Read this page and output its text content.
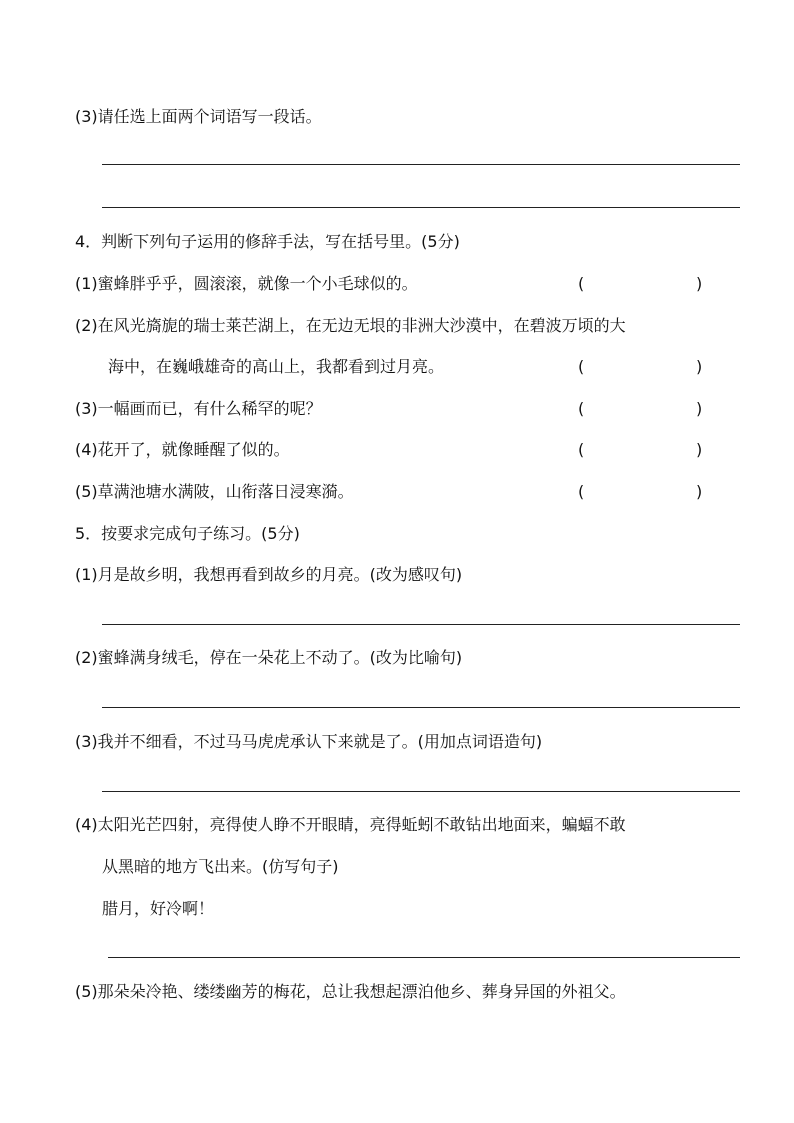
(3)请任选上面两个词语写一段话。
4．判断下列句子运用的修辞手法，写在括号里。(5分)
(1)蜜蜂胖乎乎，圆滚滚，就像一个小毛球似的。	(	)
(2)在风光旖旎的瑞士莱芒湖上，在无边无垠的非洲大沙漠中，在碧波万顷的大
海中，在巍峨雄奇的高山上，我都看到过月亮。	(	)
(3)一幅画而已，有什么稀罕的呢？	(	)
(4)花开了，就像睡醒了似的。	(	)
(5)草满池塘水满陂，山衔落日浸寒漪。	(	)
5．按要求完成句子练习。(5分)
(1)月是故乡明，我想再看到故乡的月亮。(改为感叹句)
(2)蜜蜂满身绒毛，停在一朵花上不动了。(改为比喻句)
(3)我并不细看，不过马马虎虎承认下来就是了。(用加点词语造句)
(4)太阳光芒四射，亮得使人睁不开眼睛，亮得蚯蚓不敢钻出地面来，蝙蝠不敢
从黑暗的地方飞出来。(仿写句子)
腊月，好冷啊！
(5)那朵朵冷艳、缕缕幽芳的梅花，总让我想起漂泊他乡、葬身异国的外祖父。
